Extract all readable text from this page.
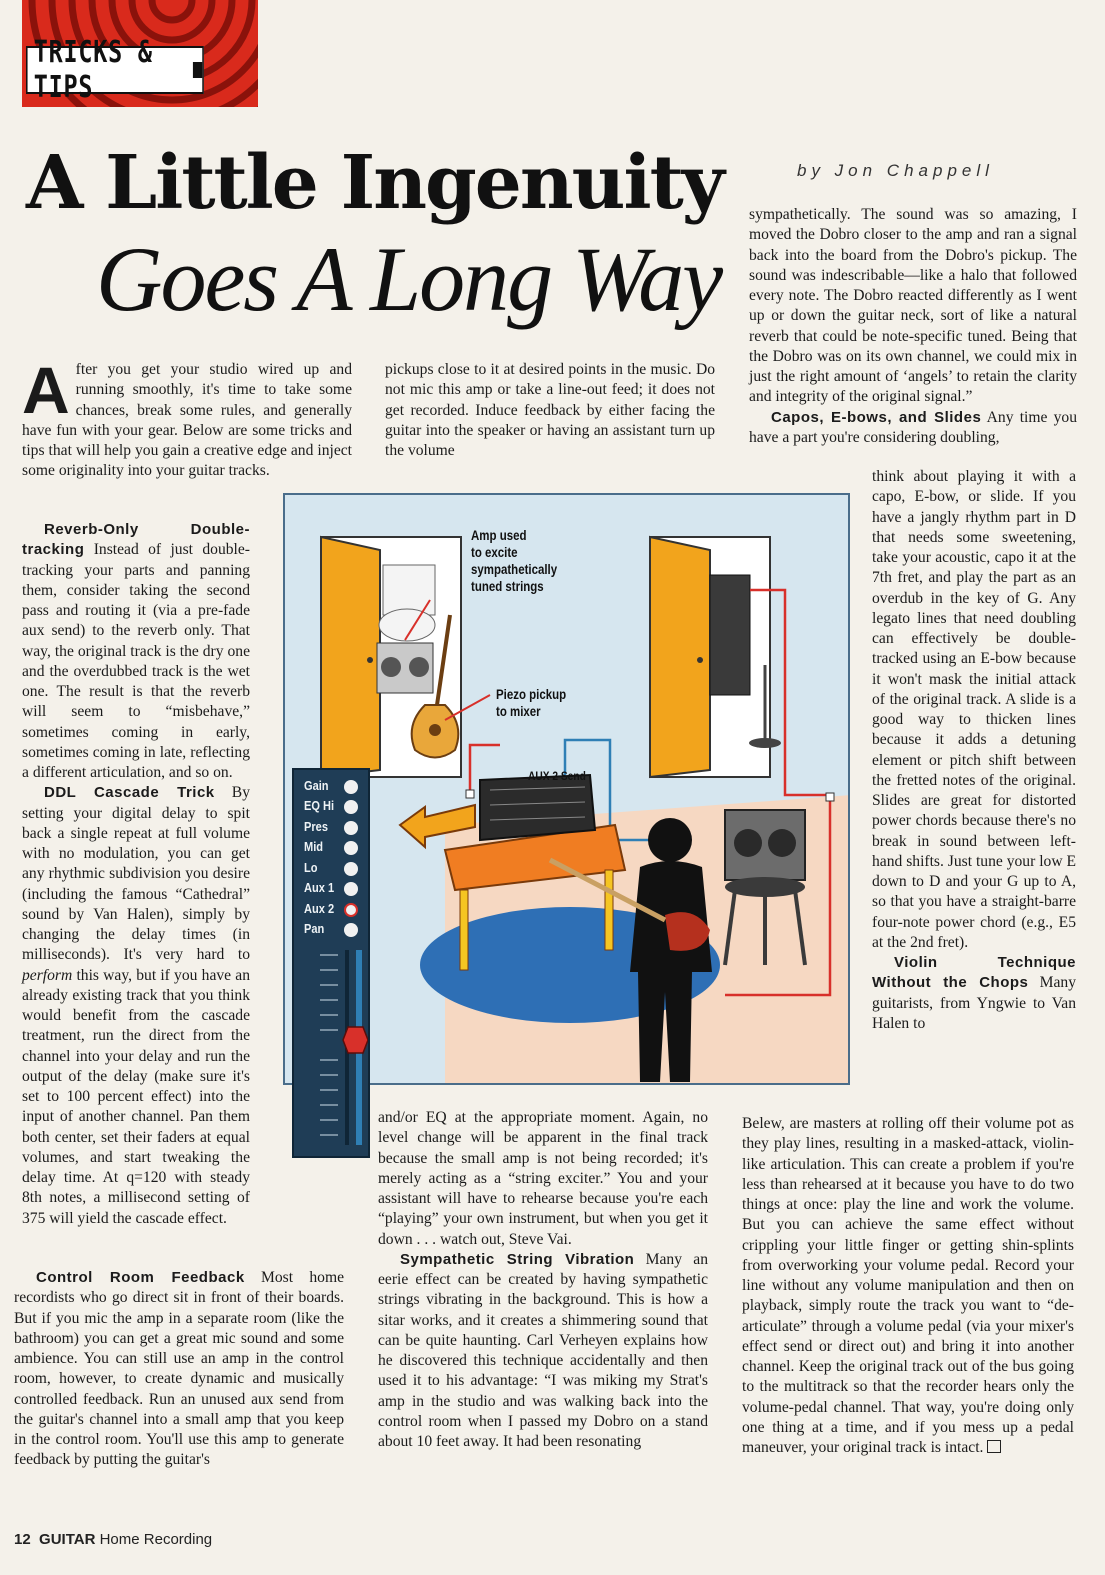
TRICKS & TIPS
by Jon Chappell
A Little Ingenuity
Goes A Long Way

After you get your studio wired up and running smoothly, it's time to take some chances, break some rules, and generally have fun with your gear. Below are some tricks and tips that will help you gain a creative edge and inject some originality into your guitar tracks.

Reverb-Only Double-tracking Instead of just double-tracking your parts and panning them, consider taking the second pass and routing it (via a pre-fade aux send) to the reverb only. That way, the original track is the dry one and the overdubbed track is the wet one. The result is that the reverb will seem to “misbehave,” sometimes coming in early, sometimes coming in late, reflecting a different articulation, and so on.

DDL Cascade Trick By setting your digital delay to spit back a single repeat at full volume with no modulation, you can get any rhythmic subdivision you desire (including the famous “Cathedral” sound by Van Halen), simply by changing the delay times (in milliseconds). It's very hard to perform this way, but if you have an already existing track that you think would benefit from the cascade treatment, run the direct from the channel into your delay and run the output of the delay (make sure it's set to 100 percent effect) into the input of another channel. Pan them both center, set their faders at equal volumes, and start tweaking the delay time. At q=120 with steady 8th notes, a millisecond setting of 375 will yield the cascade effect.

Control Room Feedback Most home recordists who go direct sit in front of their boards. But if you mic the amp in a separate room (like the bathroom) you can get a great mic sound and some ambience. You can still use an amp in the control room, however, to create dynamic and musically controlled feedback. Run an unused aux send from the guitar's channel into a small amp that you keep in the control room. You'll use this amp to generate feedback by putting the guitar's

pickups close to it at desired points in the music. Do not mic this amp or take a line-out feed; it does not get recorded. Induce feedback by either facing the guitar into the speaker or having an assistant turn up the volume

and/or EQ at the appropriate moment. Again, no level change will be apparent in the final track because the small amp is not being recorded; it's merely acting as a “string exciter.” You and your assistant will have to rehearse because you're each “playing” your own instrument, but when you get it down . . . watch out, Steve Vai.

Sympathetic String Vibration Many an eerie effect can be created by having sympathetic strings vibrating in the background. This is how a sitar works, and it creates a shimmering sound that can be quite haunting. Carl Verheyen explains how he discovered this technique accidentally and then used it to his advantage: “I was miking my Strat's amp in the studio and was walking back into the control room when I passed my Dobro on a stand about 10 feet away. It had been resonating

sympathetically. The sound was so amazing, I moved the Dobro closer to the amp and ran a signal back into the board from the Dobro's pickup. The sound was indescribable—like a halo that followed every note. The Dobro reacted differently as I went up or down the guitar neck, sort of like a natural reverb that could be note-specific tuned. Being that the Dobro was on its own channel, we could mix in just the right amount of ‘angels’ to retain the clarity and integrity of the original signal.”

Capos, E-bows, and Slides Any time you have a part you're considering doubling,

think about playing it with a capo, E-bow, or slide. If you have a jangly rhythm part in D that needs some sweetening, take your acoustic, capo it at the 7th fret, and play the part as an overdub in the key of G. Any legato lines that need doubling can effectively be double-tracked using an E-bow because it won't mask the initial attack of the original track. A slide is a good way to thicken lines because it adds a detuning element or pitch shift between the fretted notes of the original. Slides are great for distorted power chords because there's no break in sound between left-hand shifts. Just tune your low E down to D and your G up to A, so that you have a straight-barre four-note power chord (e.g., E5 at the 2nd fret).

Violin Technique Without the Chops Many guitarists, from Yngwie to Van Halen to

Belew, are masters at rolling off their volume pot as they play lines, resulting in a masked-attack, violin-like articulation. This can create a problem if you're less than rehearsed at it because you have to do two things at once: play the line and work the volume. But you can achieve the same effect without crippling your little finger or getting shin-splints from overworking your volume pedal. Record your line without any volume manipulation and then on playback, simply route the track you want to “de-articulate” through a volume pedal (via your mixer's effect send or direct out) and bring it into another channel. Keep the original track out of the bus going to the multitrack so that the recorder hears only the volume-pedal channel. That way, you're doing only one thing at a time, and if you mess up a pedal maneuver, your original track is intact.

Amp used
to excite
sympathetically
tuned strings
Piezo pickup
to mixer
AUX 2 Send
Gain
EQ Hi
Pres
Mid
Lo
Aux 1
Aux 2
Pan
12 GUITAR Home Recording
